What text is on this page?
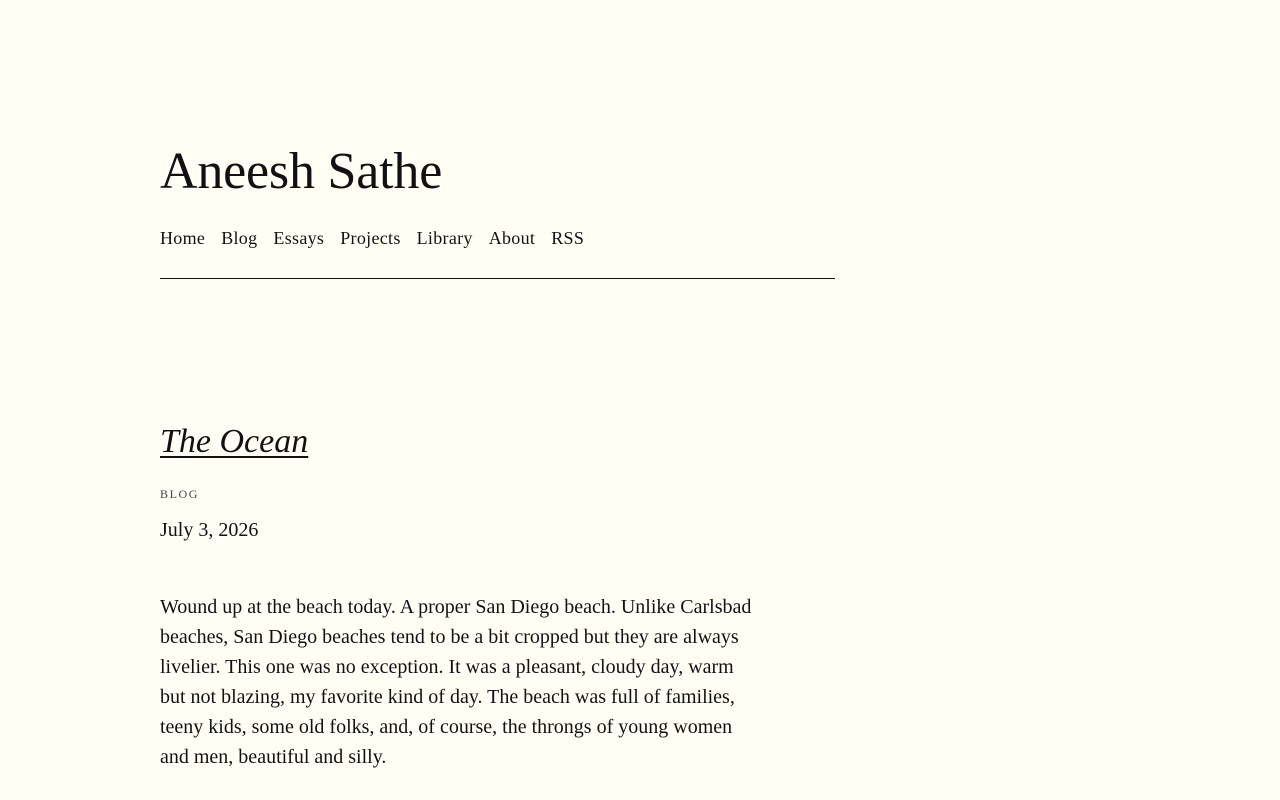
Aneesh Sathe
Home Blog Essays Projects Library About RSS
The Ocean
BLOG
July 3, 2026

Wound up at the beach today. A proper San Diego beach. Unlike Carlsbad beaches, San Diego beaches tend to be a bit cropped but they are always livelier. This one was no exception. It was a pleasant, cloudy day, warm but not blazing, my favorite kind of day. The beach was full of families, teeny kids, some old folks, and, of course, the throngs of young women and men, beautiful and silly.
